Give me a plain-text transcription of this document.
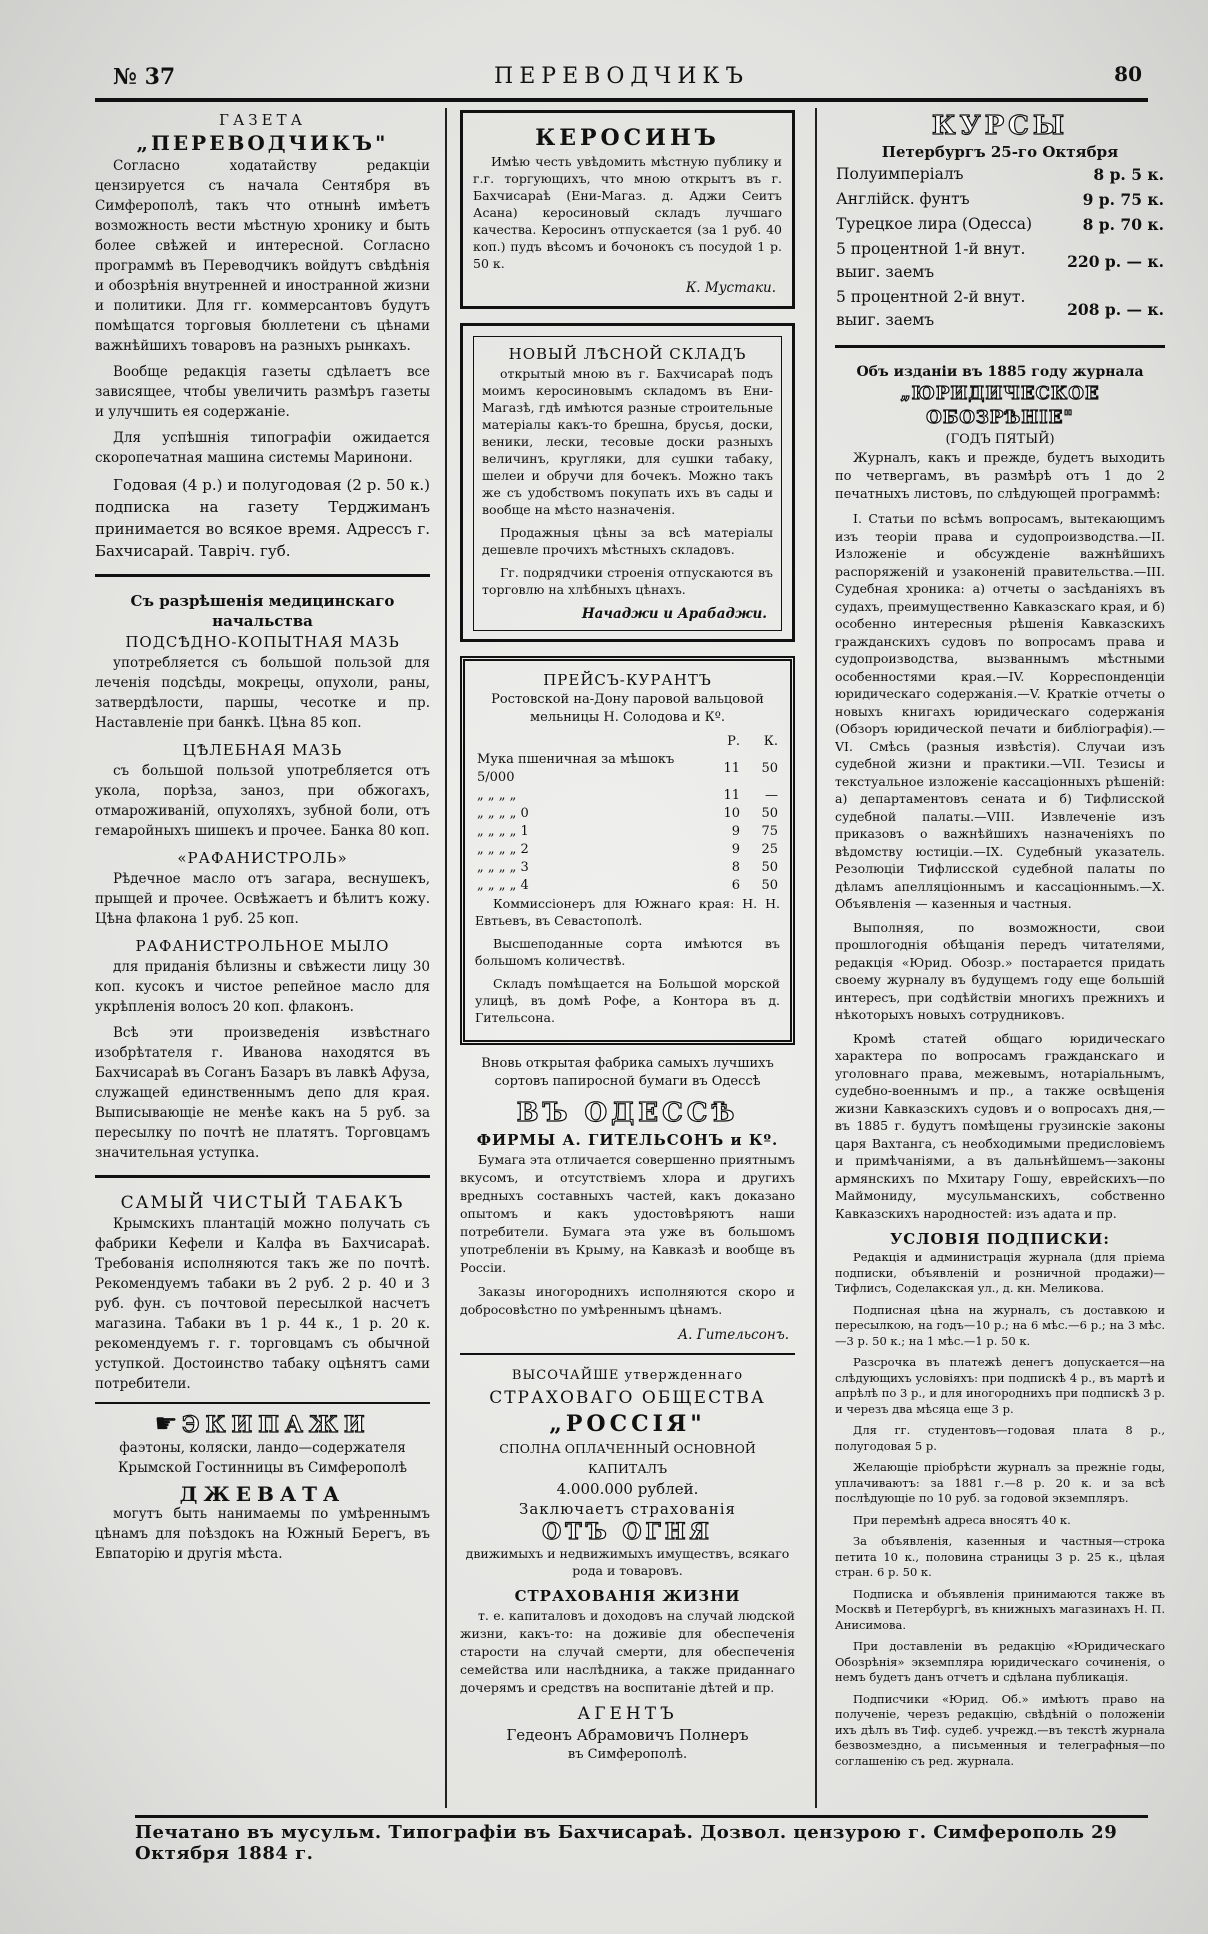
№ 37	ПЕРЕВОДЧИКЪ	80
ГАЗЕТА
„ПЕРЕВОДЧИКЪ"

Согласно ходатайству редакціи цензируется съ начала Сентября въ Симферополѣ, такъ что отнынѣ имѣетъ возможность вести мѣстную хронику и быть более свѣжей и интересной. Согласно программѣ въ Переводчикъ войдутъ свѣдѣнія и обозрѣнія внутренней и иностранной жизни и политики. Для гг. коммерсантовъ будутъ помѣщатся торговыя бюллетени съ цѣнами важнѣйшихъ товаровъ на разныхъ рынкахъ.

Вообще редакція газеты сдѣлаетъ все зависящее, чтобы увеличить размѣръ газеты и улучшить ея содержаніе.

Для успѣшнія типографіи ожидается скоропечатная машина системы Маринони.

Годовая (4 р.) и полугодовая (2 р. 50 к.) подписка на газету Терджиманъ принимается во всякое время. Адрессъ г. Бахчисарай. Тавріч. губ.

Съ разрѣшенія медицинскаго начальства
ПОДСѢДНО-КОПЫТНАЯ МАЗЬ

употребляется съ большой пользой для леченія подсѣды, мокрецы, опухоли, раны, затвердѣлости, паршы, чесотке и пр. Наставленіе при банкѣ. Цѣна 85 коп.

ЦѢЛЕБНАЯ МАЗЬ

съ большой пользой употребляется отъ укола, порѣза, заноз, при обжогахъ, отмароживаній, опухоляхъ, зубной боли, отъ гемаройныхъ шишекъ и прочее. Банка 80 коп.

«РАФАНИСТРОЛЬ»

Рѣдечное масло отъ загара, веснушекъ, прыщей и прочее. Освѣжаетъ и бѣлитъ кожу. Цѣна флакона 1 руб. 25 коп.

РАФАНИСТРОЛЬНОЕ МЫЛО

для приданія бѣлизны и свѣжести лицу 30 коп. кусокъ и чистое репейное масло для укрѣпленія волосъ 20 коп. флаконъ.

Всѣ эти произведенія извѣстнаго изобрѣтателя г. Иванова находятся въ Бахчисараѣ въ Соганъ Базаръ въ лавкѣ Афуза, служащей единственнымъ депо для края. Выписывающіе не менѣе какъ на 5 руб. за пересылку по почтѣ не платятъ. Торговцамъ значительная уступка.

САМЫЙ ЧИСТЫЙ ТАБАКЪ

Крымскихъ плантацій можно получать съ фабрики Кефели и Калфа въ Бахчисараѣ. Требованія исполняются такъ же по почтѣ. Рекомендуемъ табаки въ 2 руб. 2 р. 40 и 3 руб. фун. съ почтовой пересылкой насчетъ магазина. Табаки въ 1 р. 44 к., 1 р. 20 к. рекомендуемъ г. г. торговцамъ съ обычной уступкой. Достоинство табаку оцѣнятъ сами потребители.

☛ ЭКИПАЖИ

фаэтоны, коляски, ландо—содержателя Крымской Гостинницы въ Симферополѣ

ДЖЕВАТА

могутъ быть нанимаемы по умѣреннымъ цѣнамъ для поѣздокъ на Южный Берегъ, въ Евпаторію и другія мѣста.

КЕРОСИНЪ

Имѣю честь увѣдомить мѣстную публику и г.г. торгующихъ, что мною открытъ въ г. Бахчисараѣ (Ени-Магаз. д. Аджи Сеитъ Асана) керосиновый складъ лучшаго качества. Керосинъ отпускается (за 1 руб. 40 коп.) пудъ вѣсомъ и бочонокъ съ посудой 1 р. 50 к.

К. Мустаки.
НОВЫЙ ЛѢСНОЙ СКЛАДЪ

открытый мною въ г. Бахчисараѣ подъ моимъ керосиновымъ складомъ въ Ени-Магазѣ, гдѣ имѣются разные строительные матеріалы какъ-то брешна, брусья, доски, веники, лески, тесовые доски разныхъ величинъ, кругляки, для сушки табаку, шелеи и обручи для бочекъ. Можно такъ же съ удобствомъ покупать ихъ въ сады и вообще на мѣсто назначенія.

Продажныя цѣны за всѣ матеріалы дешевле прочихъ мѣстныхъ складовъ.

Гг. подрядчики строенія отпускаются въ торговлю на хлѣбныхъ цѣнахъ.

Начаджи и Арабаджи.
ПРЕЙСЪ-КУРАНТЪ

Ростовской на-Дону паровой вальцовой мельницы Н. Солодова и Кº.

	Р.	К.
Мука пшеничная за мѣшокъ 5/000	11	50
„ „ „ „	11	—
„ „ „ „ 0	10	50
„ „ „ „ 1	9	75
„ „ „ „ 2	9	25
„ „ „ „ 3	8	50
„ „ „ „ 4	6	50

Коммиссіонеръ для Южнаго края: Н. Н. Евтьевъ, въ Севастополѣ.

Высшеподанные сорта имѣются въ большомъ количествѣ.

Складъ помѣщается на Большой морской улицѣ, въ домѣ Рофе, а Контора въ д. Гительсона.

Вновь открытая фабрика самыхъ лучшихъ сортовъ папиросной бумаги въ Одессѣ

ВЪ ОДЕССѢ
ФИРМЫ А. ГИТЕЛЬСОНЪ и Кº.

Бумага эта отличается совершенно приятнымъ вкусомъ, и отсутствіемъ хлора и другихъ вредныхъ составныхъ частей, какъ доказано опытомъ и какъ удостовѣряютъ наши потребители. Бумага эта уже въ большомъ употребленіи въ Крыму, на Кавказѣ и вообще въ Россіи.

Заказы иногороднихъ исполняются скоро и добросовѣстно по умѣреннымъ цѣнамъ.

А. Гительсонъ.
ВЫСОЧАЙШЕ утвержденнаго
СТРАХОВАГО ОБЩЕСТВА
„РОССІЯ"
СПОЛНА ОПЛАЧЕННЫЙ ОСНОВНОЙ КАПИТАЛЪ
4.000.000 рублей.
Заключаетъ страхованія
ОТЪ ОГНЯ

движимыхъ и недвижимыхъ имуществъ, всякаго рода и товаровъ.

СТРАХОВАНІЯ ЖИЗНИ

т. е. капиталовъ и доходовъ на случай людской жизни, какъ-то: на доживіе для обеспеченія старости на случай смерти, для обеспеченія семейства или наслѣдника, а также приданнаго дочерямъ и средствъ на воспитаніе дѣтей и пр.

АГЕНТЪ
Гедеонъ Абрамовичъ Полнеръ
въ Симферополѣ.
КУРСЫ
Петербургъ 25-го Октября
Полуимперіалъ	8 р. 5 к.
Англійск. фунтъ	9 р. 75 к.
Турецкое лира (Одесса)	8 р. 70 к.
5 процентной 1-й внут. выиг. заемъ	220 р. — к.
5 процентной 2-й внут. выиг. заемъ	208 р. — к.
Объ изданіи въ 1885 году журнала
„ЮРИДИЧЕСКОЕ ОБОЗРѢНІЕ"
(ГОДЪ ПЯТЫЙ)

Журналъ, какъ и прежде, будетъ выходить по четвергамъ, въ размѣрѣ отъ 1 до 2 печатныхъ листовъ, по слѣдующей программѣ:

I. Статьи по всѣмъ вопросамъ, вытекающимъ изъ теоріи права и судопроизводства.—II. Изложеніе и обсужденіе важнѣйшихъ распоряженій и узаконеній правительства.—III. Судебная хроника: а) отчеты о засѣданіяхъ въ судахъ, преимущественно Кавказскаго края, и б) особенно интересныя рѣшенія Кавказскихъ гражданскихъ судовъ по вопросамъ права и судопроизводства, вызваннымъ мѣстными особенностями края.—IV. Корреспонденціи юридическаго содержанія.—V. Краткіе отчеты о новыхъ книгахъ юридическаго содержанія (Обзоръ юридической печати и библіографія).—VI. Смѣсь (разныя извѣстія). Случаи изъ судебной жизни и практики.—VII. Тезисы и текстуальное изложеніе кассаціонныхъ рѣшеній: а) департаментовъ сената и б) Тифлисской судебной палаты.—VIII. Извлеченіе изъ приказовъ о важнѣйшихъ назначеніяхъ по вѣдомству юстиціи.—IX. Судебный указатель. Резолюціи Тифлисской судебной палаты по дѣламъ апелляціоннымъ и кассаціоннымъ.—X. Объявленія — казенныя и частныя.

Выполняя, по возможности, свои прошлогоднія обѣщанія передъ читателями, редакція «Юрид. Обозр.» постарается придать своему журналу въ будущемъ году еще большій интересъ, при содѣйствіи многихъ прежнихъ и нѣкоторыхъ новыхъ сотрудниковъ.

Кромѣ статей общаго юридическаго характера по вопросамъ гражданскаго и уголовнаго права, межевымъ, нотаріальнымъ, судебно-военнымъ и пр., а также освѣщенія жизни Кавказскихъ судовъ и о вопросахъ дня,—въ 1885 г. будутъ помѣщены грузинскіе законы царя Вахтанга, съ необходимыми предисловіемъ и примѣчаніями, а въ дальнѣйшемъ—законы армянскихъ по Мхитару Гошу, еврейскихъ—по Маймониду, мусульманскихъ, собственно Кавказскихъ народностей: изъ адата и пр.

УСЛОВІЯ ПОДПИСКИ:

Редакція и администрація журнала (для пріема подписки, объявленій и розничной продажи)—Тифлисъ, Соделакская ул., д. кн. Меликова.

Подписная цѣна на журналъ, съ доставкою и пересылкою, на годъ—10 р.; на 6 мѣс.—6 р.; на 3 мѣс.—3 р. 50 к.; на 1 мѣс.—1 р. 50 к.

Разсрочка въ платежѣ денегъ допускается—на слѣдующихъ условіяхъ: при подпискѣ 4 р., въ мартѣ и апрѣлѣ по 3 р., и для иногороднихъ при подпискѣ 3 р. и черезъ два мѣсяца еще 3 р.

Для гг. студентовъ—годовая плата 8 р., полугодовая 5 р.

Желающіе пріобрѣсти журналъ за прежніе годы, уплачиваютъ: за 1881 г.—8 р. 20 к. и за всѣ послѣдующіе по 10 руб. за годовой экземпляръ.

При перемѣнѣ адреса вносятъ 40 к.

За объявленія, казенныя и частныя—строка петита 10 к., половина страницы 3 р. 25 к., цѣлая стран. 6 р. 50 к.

Подписка и объявленія принимаются также въ Москвѣ и Петербургѣ, въ книжныхъ магазинахъ Н. П. Анисимова.

При доставленіи въ редакцію «Юридическаго Обозрѣнія» экземпляра юридическаго сочиненія, о немъ будетъ данъ отчетъ и сдѣлана публикація.

Подписчики «Юрид. Об.» имѣютъ право на полученіе, черезъ редакцію, свѣдѣній о положеніи ихъ дѣлъ въ Тиф. судеб. учрежд.—въ текстѣ журнала безвозмездно, а письменныя и телеграфныя—по соглашенію съ ред. журнала.

Печатано въ мусульм. Типографіи въ Бахчисараѣ. Дозвол. цензурою г. Симферополь 29 Октября 1884 г.
